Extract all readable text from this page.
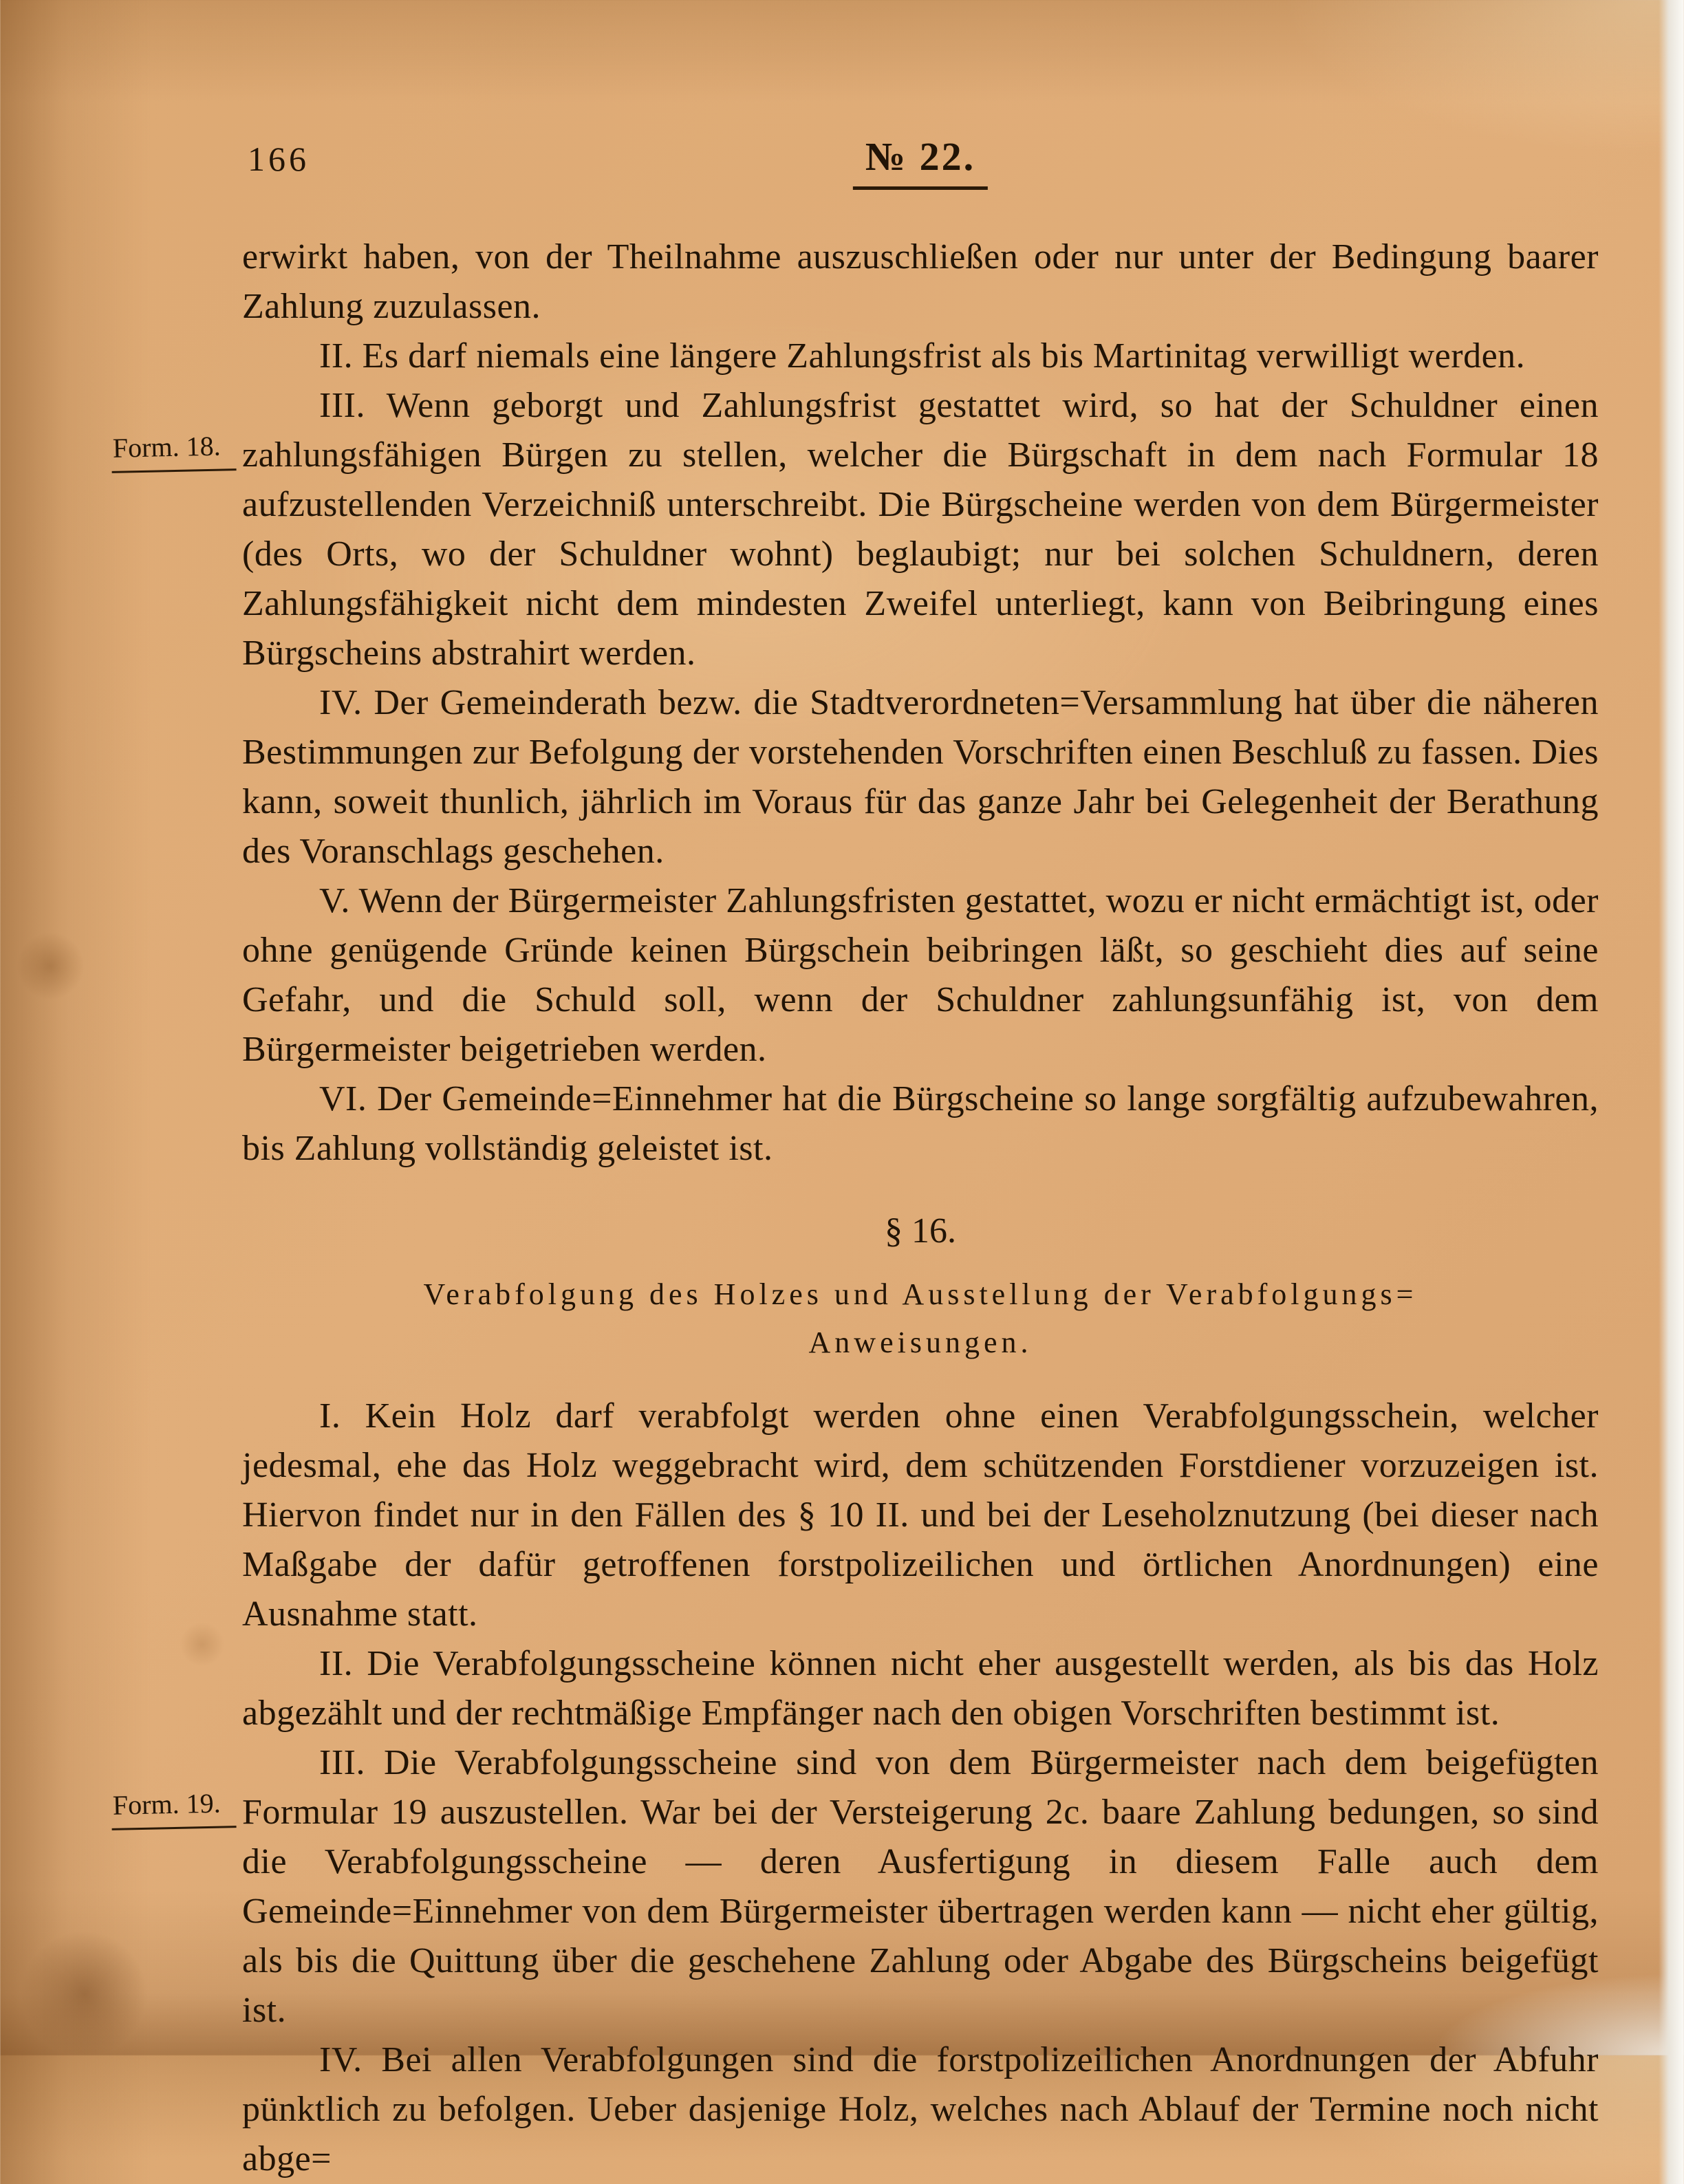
166	№ 22.

erwirkt haben, von der Theilnahme auszuschließen oder nur unter der Bedingung baarer Zahlung zuzulassen.

II. Es darf niemals eine längere Zahlungsfrist als bis Martinitag verwilligt werden.

Form. 18.

III. Wenn geborgt und Zahlungsfrist gestattet wird, so hat der Schuldner einen zahlungsfähigen Bürgen zu stellen, welcher die Bürgschaft in dem nach Formular 18 aufzustellenden Verzeichniß unterschreibt. Die Bürgscheine werden von dem Bürgermeister (des Orts, wo der Schuldner wohnt) beglaubigt; nur bei solchen Schuldnern, deren Zahlungsfähigkeit nicht dem mindesten Zweifel unterliegt, kann von Beibringung eines Bürgscheins abstrahirt werden.

IV. Der Gemeinderath bezw. die Stadtverordneten=Versammlung hat über die näheren Bestimmungen zur Befolgung der vorstehenden Vorschriften einen Beschluß zu fassen. Dies kann, soweit thunlich, jährlich im Voraus für das ganze Jahr bei Gelegenheit der Berathung des Voranschlags geschehen.

V. Wenn der Bürgermeister Zahlungsfristen gestattet, wozu er nicht ermächtigt ist, oder ohne genügende Gründe keinen Bürgschein beibringen läßt, so geschieht dies auf seine Gefahr, und die Schuld soll, wenn der Schuldner zahlungsunfähig ist, von dem Bürgermeister beigetrieben werden.

VI. Der Gemeinde=Einnehmer hat die Bürgscheine so lange sorgfältig aufzubewahren, bis Zahlung vollständig geleistet ist.

§ 16.
Verabfolgung des Holzes und Ausstellung der Verabfolgungs=
Anweisungen.

I. Kein Holz darf verabfolgt werden ohne einen Verabfolgungsschein, welcher jedesmal, ehe das Holz weggebracht wird, dem schützenden Forstdiener vorzuzeigen ist. Hiervon findet nur in den Fällen des § 10 II. und bei der Leseholznutzung (bei dieser nach Maßgabe der dafür getroffenen forstpolizeilichen und örtlichen Anordnungen) eine Ausnahme statt.

II. Die Verabfolgungsscheine können nicht eher ausgestellt werden, als bis das Holz abgezählt und der rechtmäßige Empfänger nach den obigen Vorschriften bestimmt ist.

Form. 19.

III. Die Verabfolgungsscheine sind von dem Bürgermeister nach dem beigefügten Formular 19 auszustellen. War bei der Versteigerung 2c. baare Zahlung bedungen, so sind die Verabfolgungsscheine — deren Ausfertigung in diesem Falle auch dem Gemeinde=Einnehmer von dem Bürgermeister übertragen werden kann — nicht eher gültig, als bis die Quittung über die geschehene Zahlung oder Abgabe des Bürgscheins beigefügt ist.

IV. Bei allen Verabfolgungen sind die forstpolizeilichen Anordnungen der Abfuhr pünktlich zu befolgen. Ueber dasjenige Holz, welches nach Ablauf der Termine noch nicht abge=
